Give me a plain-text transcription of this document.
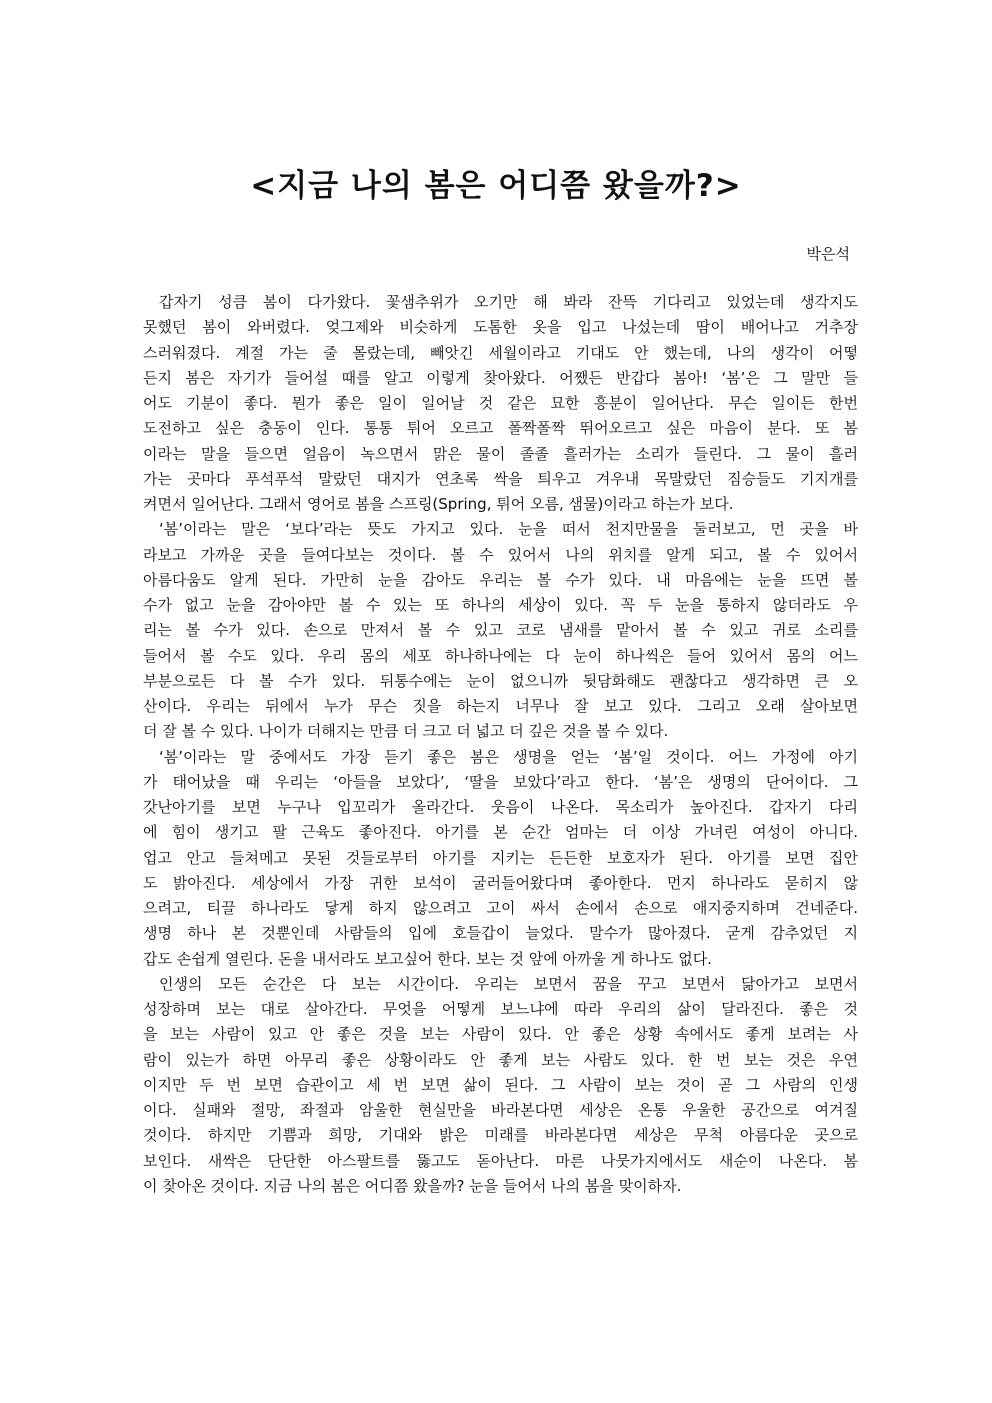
<지금 나의 봄은 어디쯤 왔을까?>
박은석
갑자기 성큼 봄이 다가왔다. 꽃샘추위가 오기만 해 봐라 잔뜩 기다리고 있었는데 생각지도
못했던 봄이 와버렸다. 엊그제와 비슷하게 도톰한 옷을 입고 나섰는데 땀이 배어나고 거추장
스러워졌다. 계절 가는 줄 몰랐는데, 빼앗긴 세월이라고 기대도 안 했는데, 나의 생각이 어떻
든지 봄은 자기가 들어설 때를 알고 이렇게 찾아왔다. 어쨌든 반갑다 봄아! ‘봄’은 그 말만 들
어도 기분이 좋다. 뭔가 좋은 일이 일어날 것 같은 묘한 흥분이 일어난다. 무슨 일이든 한번
도전하고 싶은 충동이 인다. 통통 튀어 오르고 폴짝폴짝 뛰어오르고 싶은 마음이 분다. 또 봄
이라는 말을 들으면 얼음이 녹으면서 맑은 물이 졸졸 흘러가는 소리가 들린다. 그 물이 흘러
가는 곳마다 푸석푸석 말랐던 대지가 연초록 싹을 틔우고 겨우내 목말랐던 짐승들도 기지개를
켜면서 일어난다. 그래서 영어로 봄을 스프링(Spring, 튀어 오름, 샘물)이라고 하는가 보다.
‘봄’이라는 말은 ‘보다’라는 뜻도 가지고 있다. 눈을 떠서 천지만물을 둘러보고, 먼 곳을 바
라보고 가까운 곳을 들여다보는 것이다. 볼 수 있어서 나의 위치를 알게 되고, 볼 수 있어서
아름다움도 알게 된다. 가만히 눈을 감아도 우리는 볼 수가 있다. 내 마음에는 눈을 뜨면 볼
수가 없고 눈을 감아야만 볼 수 있는 또 하나의 세상이 있다. 꼭 두 눈을 통하지 않더라도 우
리는 볼 수가 있다. 손으로 만져서 볼 수 있고 코로 냄새를 맡아서 볼 수 있고 귀로 소리를
들어서 볼 수도 있다. 우리 몸의 세포 하나하나에는 다 눈이 하나씩은 들어 있어서 몸의 어느
부분으로든 다 볼 수가 있다. 뒤통수에는 눈이 없으니까 뒷담화해도 괜찮다고 생각하면 큰 오
산이다. 우리는 뒤에서 누가 무슨 짓을 하는지 너무나 잘 보고 있다. 그리고 오래 살아보면
더 잘 볼 수 있다. 나이가 더해지는 만큼 더 크고 더 넓고 더 깊은 것을 볼 수 있다.
‘봄’이라는 말 중에서도 가장 듣기 좋은 봄은 생명을 얻는 ‘봄’일 것이다. 어느 가정에 아기
가 태어났을 때 우리는 ‘아들을 보았다’, ‘딸을 보았다’라고 한다. ‘봄’은 생명의 단어이다. 그
갓난아기를 보면 누구나 입꼬리가 올라간다. 웃음이 나온다. 목소리가 높아진다. 갑자기 다리
에 힘이 생기고 팔 근육도 좋아진다. 아기를 본 순간 엄마는 더 이상 가녀린 여성이 아니다.
업고 안고 들쳐메고 못된 것들로부터 아기를 지키는 든든한 보호자가 된다. 아기를 보면 집안
도 밝아진다. 세상에서 가장 귀한 보석이 굴러들어왔다며 좋아한다. 먼지 하나라도 묻히지 않
으려고, 티끌 하나라도 닿게 하지 않으려고 고이 싸서 손에서 손으로 애지중지하며 건네준다.
생명 하나 본 것뿐인데 사람들의 입에 호들갑이 늘었다. 말수가 많아졌다. 굳게 감추었던 지
갑도 손쉽게 열린다. 돈을 내서라도 보고싶어 한다. 보는 것 앞에 아까울 게 하나도 없다.
인생의 모든 순간은 다 보는 시간이다. 우리는 보면서 꿈을 꾸고 보면서 닮아가고 보면서
성장하며 보는 대로 살아간다. 무엇을 어떻게 보느냐에 따라 우리의 삶이 달라진다. 좋은 것
을 보는 사람이 있고 안 좋은 것을 보는 사람이 있다. 안 좋은 상황 속에서도 좋게 보려는 사
람이 있는가 하면 아무리 좋은 상황이라도 안 좋게 보는 사람도 있다. 한 번 보는 것은 우연
이지만 두 번 보면 습관이고 세 번 보면 삶이 된다. 그 사람이 보는 것이 곧 그 사람의 인생
이다. 실패와 절망, 좌절과 암울한 현실만을 바라본다면 세상은 온통 우울한 공간으로 여겨질
것이다. 하지만 기쁨과 희망, 기대와 밝은 미래를 바라본다면 세상은 무척 아름다운 곳으로
보인다. 새싹은 단단한 아스팔트를 뚫고도 돋아난다. 마른 나뭇가지에서도 새순이 나온다. 봄
이 찾아온 것이다. 지금 나의 봄은 어디쯤 왔을까? 눈을 들어서 나의 봄을 맞이하자.
